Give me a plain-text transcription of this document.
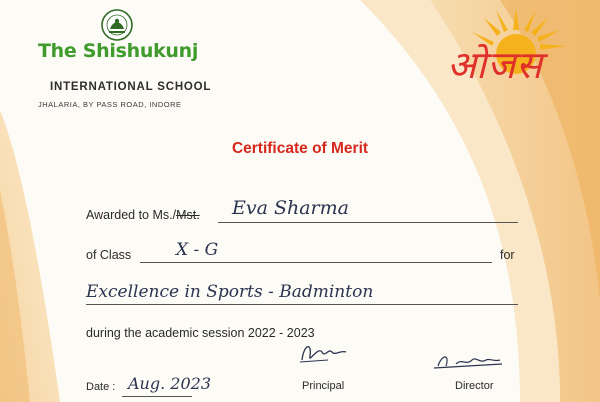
The Shishukunj
INTERNATIONAL SCHOOL
JHALARIA, BY PASS ROAD, INDORE
ओजस
Certificate of Merit
Awarded to Ms./Mst. Eva Sharma
of Class	X - G	for
Excellence in Sports - Badminton
during the academic session 2022 - 2023
Principal	Director
Date : Aug. 2023
